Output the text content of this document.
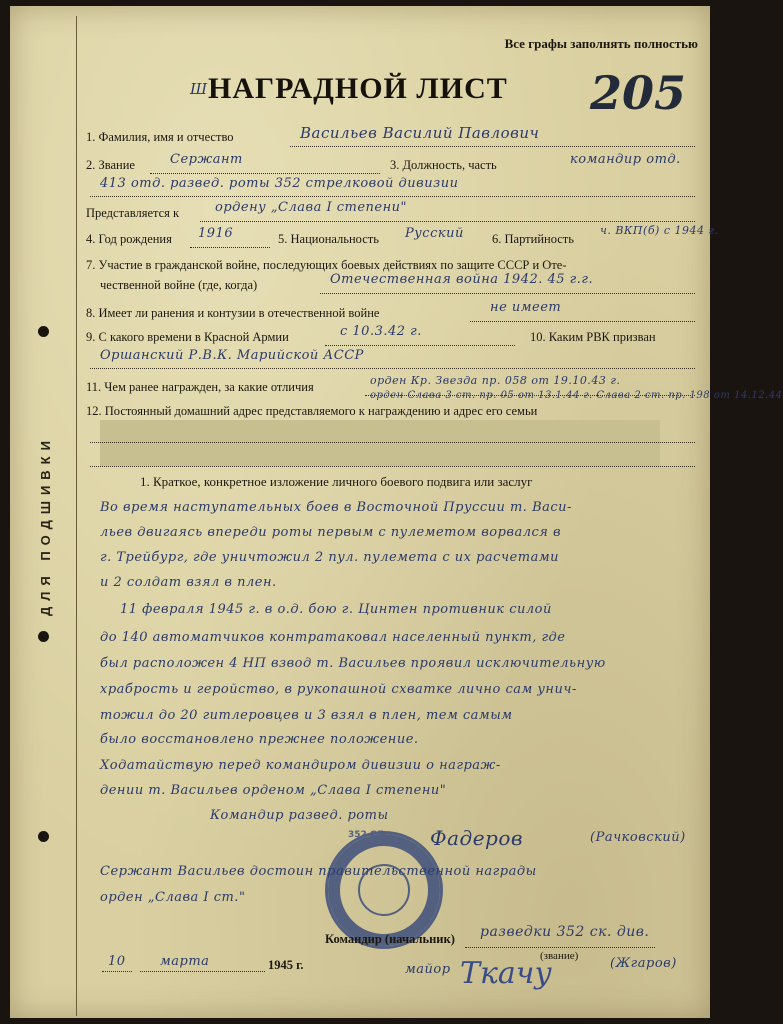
ДЛЯ ПОДШИВКИ
Все графы заполнять полностью
Ш НАГРАДНОЙ ЛИСТ 205
1. Фамилия, имя и отчество	Васильев Василий Павлович
2. Звание	Сержант	3. Должность, часть	командир отд.
413 отд. развед. роты 352 стрелковой дивизии
Представляется к	ордену „Слава I степени"
4. Год рождения 1916	5. Национальность Русский 6. Партийность
ч. ВКП(б) с 1944 г.
7. Участие в гражданской войне, последующих боевых действиях по защите СССР и Оте-
чественной войне (где, когда)	Отечественная война 1942. 45 г.г.
8. Имеет ли ранения и контузии в отечественной войне	не имеет
9. С какого времени в Красной Армии	с 10.3.42 г.	10. Каким РВК призван
Оршанский Р.В.К. Марийской АССР
11. Чем ранее награжден, за какие отличия	орден Кр. Звезда пр. 058 от 19.10.43 г.
орден Слава 3 ст. пр. 05 от 13.1.44 г. Слава 2 ст. пр. 198 от 14.12.44
12. Постоянный домашний адрес представляемого к награждению и адрес его семьи
1. Краткое, конкретное изложение личного боевого подвига или заслуг
Во время наступательных боев в Восточной Пруссии т. Васи-
льев двигаясь впереди роты первым с пулеметом ворвался в
г. Трейбург, где уничтожил 2 пул. пулемета с их расчетами
и 2 солдат взял в плен.
11 февраля 1945 г. в о.д. бою г. Цинтен противник силой
до 140 автоматчиков контратаковал населенный пункт, где
был расположен 4 НП взвод т. Васильев проявил исключительную
храбрость и геройство, в рукопашной схватке лично сам унич-
тожил до 20 гитлеровцев и 3 взял в плен, тем самым
было восстановлено прежнее положение.
Ходатайствую перед командиром дивизии о награж-
дении т. Васильев орденом „Слава I степени"
Командир развед. роты
Фадеров	(Рачковский)
Сержант Васильев достоин правительственной награды
орден „Слава I ст."
352 СД
Командир (начальник) разведки 352 ск. див.
(звание)
майор Ткачу	(Жгаров)
10	марта	1945 г.
